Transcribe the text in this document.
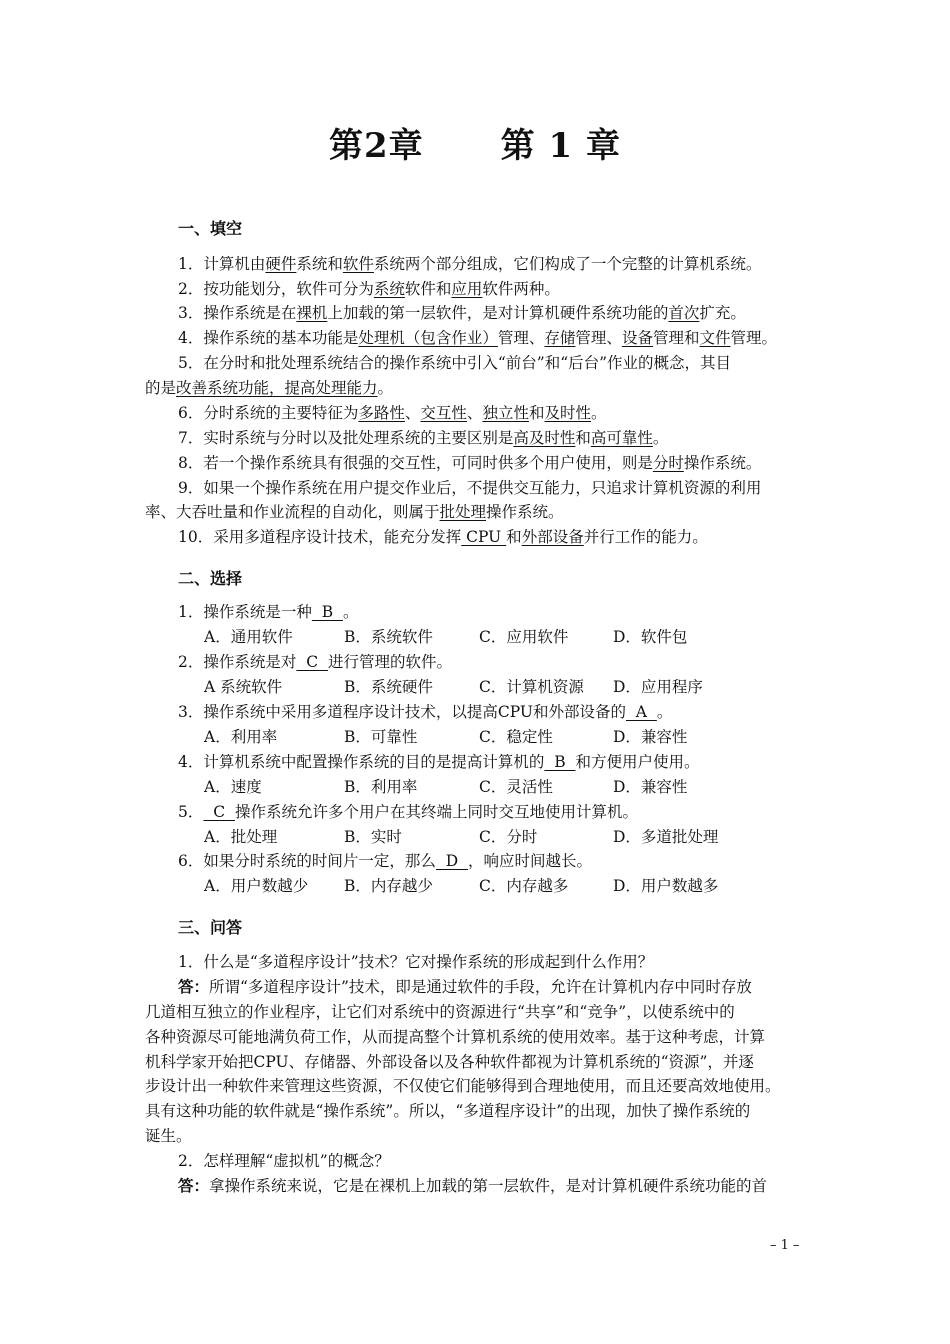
第2章      第 1 章
一、填空
1．计算机由硬件系统和软件系统两个部分组成，它们构成了一个完整的计算机系统。
2．按功能划分，软件可分为系统软件和应用软件两种。
3．操作系统是在裸机上加载的第一层软件，是对计算机硬件系统功能的首次扩充。
4．操作系统的基本功能是处理机（包含作业）管理、存储管理、设备管理和文件管理。
5．在分时和批处理系统结合的操作系统中引入“前台”和“后台”作业的概念，其目
的是改善系统功能，提高处理能力。
6．分时系统的主要特征为多路性、交互性、独立性和及时性。
7．实时系统与分时以及批处理系统的主要区别是高及时性和高可靠性。
8．若一个操作系统具有很强的交互性，可同时供多个用户使用，则是分时操作系统。
9．如果一个操作系统在用户提交作业后，不提供交互能力，只追求计算机资源的利用
率、大吞吐量和作业流程的自动化，则属于批处理操作系统。
10．采用多道程序设计技术，能充分发挥 CPU 和外部设备并行工作的能力。
二、选择
1．操作系统是一种  B  。
A．通用软件	B．系统软件	C．应用软件	D．软件包
2．操作系统是对  C  进行管理的软件。
A 系统软件	B．系统硬件	C．计算机资源 D．应用程序
3．操作系统中采用多道程序设计技术，以提高CPU和外部设备的  A  。
A．利用率	B．可靠性	C．稳定性	D．兼容性
4．计算机系统中配置操作系统的目的是提高计算机的  B  和方便用户使用。
A．速度	B．利用率	C．灵活性	D．兼容性
5．  C  操作系统允许多个用户在其终端上同时交互地使用计算机。
A．批处理	B．实时	C．分时	D．多道批处理
6．如果分时系统的时间片一定，那么  D  ，响应时间越长。
A．用户数越少 B．内存越少	C．内存越多	D．用户数越多
三、问答
1．什么是“多道程序设计”技术？它对操作系统的形成起到什么作用？
答：所谓“多道程序设计”技术，即是通过软件的手段，允许在计算机内存中同时存放
几道相互独立的作业程序，让它们对系统中的资源进行“共享”和“竞争”，以使系统中的
各种资源尽可能地满负荷工作，从而提高整个计算机系统的使用效率。基于这种考虑，计算
机科学家开始把CPU、存储器、外部设备以及各种软件都视为计算机系统的“资源”，并逐
步设计出一种软件来管理这些资源，不仅使它们能够得到合理地使用，而且还要高效地使用。
具有这种功能的软件就是“操作系统”。所以，“多道程序设计”的出现，加快了操作系统的
诞生。
2．怎样理解“虚拟机”的概念？
答：拿操作系统来说，它是在裸机上加载的第一层软件，是对计算机硬件系统功能的首
– 1 –
